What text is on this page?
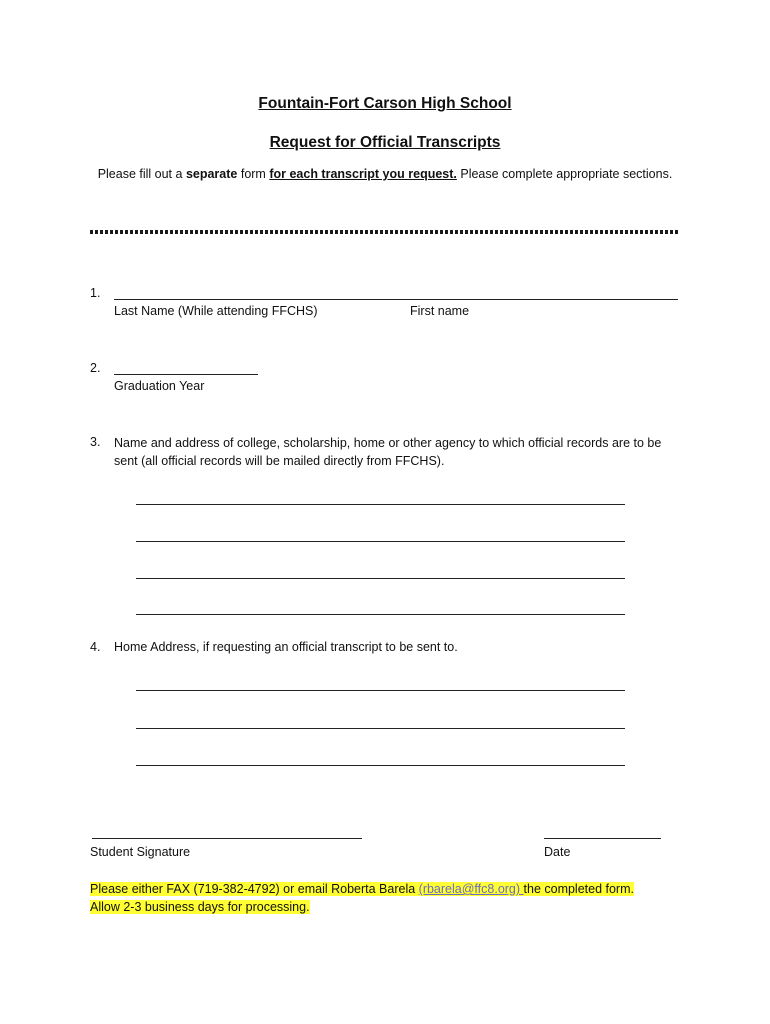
Fountain-Fort Carson High School
Request for Official Transcripts
Please fill out a separate form for each transcript you request. Please complete appropriate sections.
1.
Last Name (While attending FFCHS)	First name
2.
Graduation Year
3. Name and address of college, scholarship, home or other agency to which official records are to be
sent (all official records will be mailed directly from FFCHS).
4. Home Address, if requesting an official transcript to be sent to.
Student Signature	Date
Please either FAX (719-382-4792) or email Roberta Barela (rbarela@ffc8.org) the completed form.
Allow 2-3 business days for processing.
